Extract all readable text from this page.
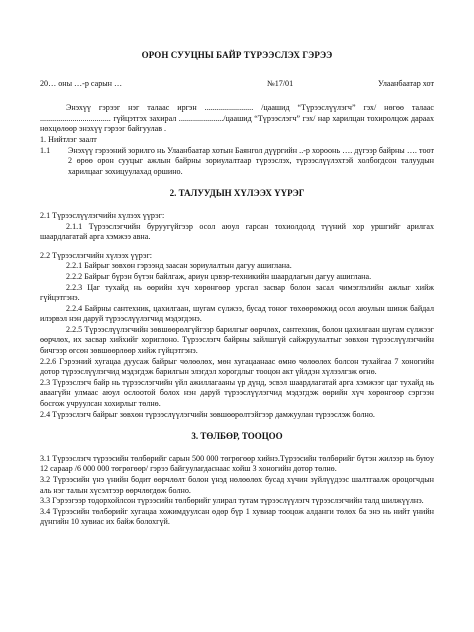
ОРОН СУУЦНЫ БАЙР ТҮРЭЭСЛЭХ ГЭРЭЭ
20… оны …-р сарын …	№17/01	Улаанбаатар хот

Энэхүү гэрээг нэг талаас иргэн ........................ /цаашид “Түрээслүүлэгч” гэх/ нөгөө талаас ................................... гүйцэтгэх захирал ....................../цаашид “Түрээслэгч” гэх/ нар харилцан тохиролцож дараах нөхцөлөөр энэхүү гэрээг байгуулав .

1. Нийтлэг заалт

1.1	Энэхүү гэрээний зорилго нь Улаанбаатар хотын Баянгол дүүргийн ..-р хороонь …. дүгээр байрны …. тоот 2 өрөө орон сууцыг ажлын байрны зориулалтаар түрээслэх, түрээслүүлэхтэй холбогдсон талуудын харилцааг зохицуулахад оршино.
2. ТАЛУУДЫН ХҮЛЭЭХ ҮҮРЭГ

2.1 Түрээслүүлэгчийн хүлээх үүрэг:

2.1.1 Түрээслэгчийн буруугүйгээр осол аюул гарсан тохиолдолд түүний хор уршгийг арилгах шаардлагатай арга хэмжээ авна.

2.2 Түрээслэгчийн хүлээх үүрэг:

2.2.1 Байрыг зөвхөн гэрээнд заасан зориулалтын дагуу ашиглана.

2.2.2 Байрыг бүрэн бүтэн байлгаж, ариун цэвэр-техникийн шаардлагын дагуу ашиглана.

2.2.3 Цаг тухайд нь өөрийн хүч хөрөнгөөр урсгал засвар болон засал чимэглэлийн ажлыг хийж гүйцэтгэнэ.

2.2.4 Байрны сантехник, цахилгаан, шугам сүлжээ, бусад тоног төхөөрөмжид осол аюулын шинж байдал илэрвэл нэн даруй түрээслүүлэгчид мэдэгдэнэ.

2.2.5 Түрээслүүлэгчийн зөвшөөрөлгүйгээр барилгыг өөрчлөх, сантехник, болон цахилгаан шугам сүлжээг өөрчлөх, их засвар хийхийг хориглоно. Түрээслэгч байрны зайлшгүй сайжруулалтыг зөвхөн түрээслүүлэгчийн бичгээр өгсөн зөвшөөрлөөр хийж гүйцэтгэнэ.

2.2.6 Гэрээний хугацаа дуусаж байрыг чөлөөлөх, мөн хугацаанаас өмнө чөлөөлөх болсон тухайгаа 7 хоногийн дотор түрээслүүлэгчид мэдэгдэж барилгын элэгдэл хорогдлыг тооцон акт үйлдэн хүлээлгэж өгнө.

2.3 Түрээслэгч байр нь түрээслэгчийн үйл ажиллагааны үр дүнд, эсвэл шаардлагатай арга хэмжээг цаг тухайд нь аваагүйн улмаас аюул ослоотой болох нэн даруй түрээслүүлэгчид мэдэгдэж өөрийн хүч хөрөнгөөр сэргээн босгож учруулсан хохирлыг төлнө.

2.4 Түрээслэгч байрыг зөвхөн түрээслүүлэгчийн зөвшөөрөлтэйгээр дамжуулан түрээслэж болно.

3. ТӨЛБӨР, ТООЦОО

3.1 Түрээслэгч түрээсийн төлбөрийг сарын 500 000 төгрөгөөр хийнэ.Түрээсийн төлбөрийг бүтэн жилээр нь буюу 12 сараар /6 000 000 төгрөгөөр/ гэрээ байгуулагдаснаас хойш 3 хоногийн дотор төлнө.

3.2 Түрээсийн үнэ үнийн бодит өөрчлөлт болон үнэд нөлөөлөх бусад хүчин зүйлүүдээс шалтгаалж ороцогчдын аль нэг талын хүсэлтээр өөрчлөгдөж болно.

3.3 Гэрээгээр тодорхойлсон түрээсийн төлбөрийг улирал тутам түрээслүүлэгч түрээслэгчийн талд шилжүүлнэ.

3.4 Түрээсийн төлбөрийг хугацаа хожимдуулсан өдөр бүр 1 хувиар тооцож алданги төлөх ба энэ нь нийт үнийн дүнгийн 10 хувиас их байж болохгүй.
